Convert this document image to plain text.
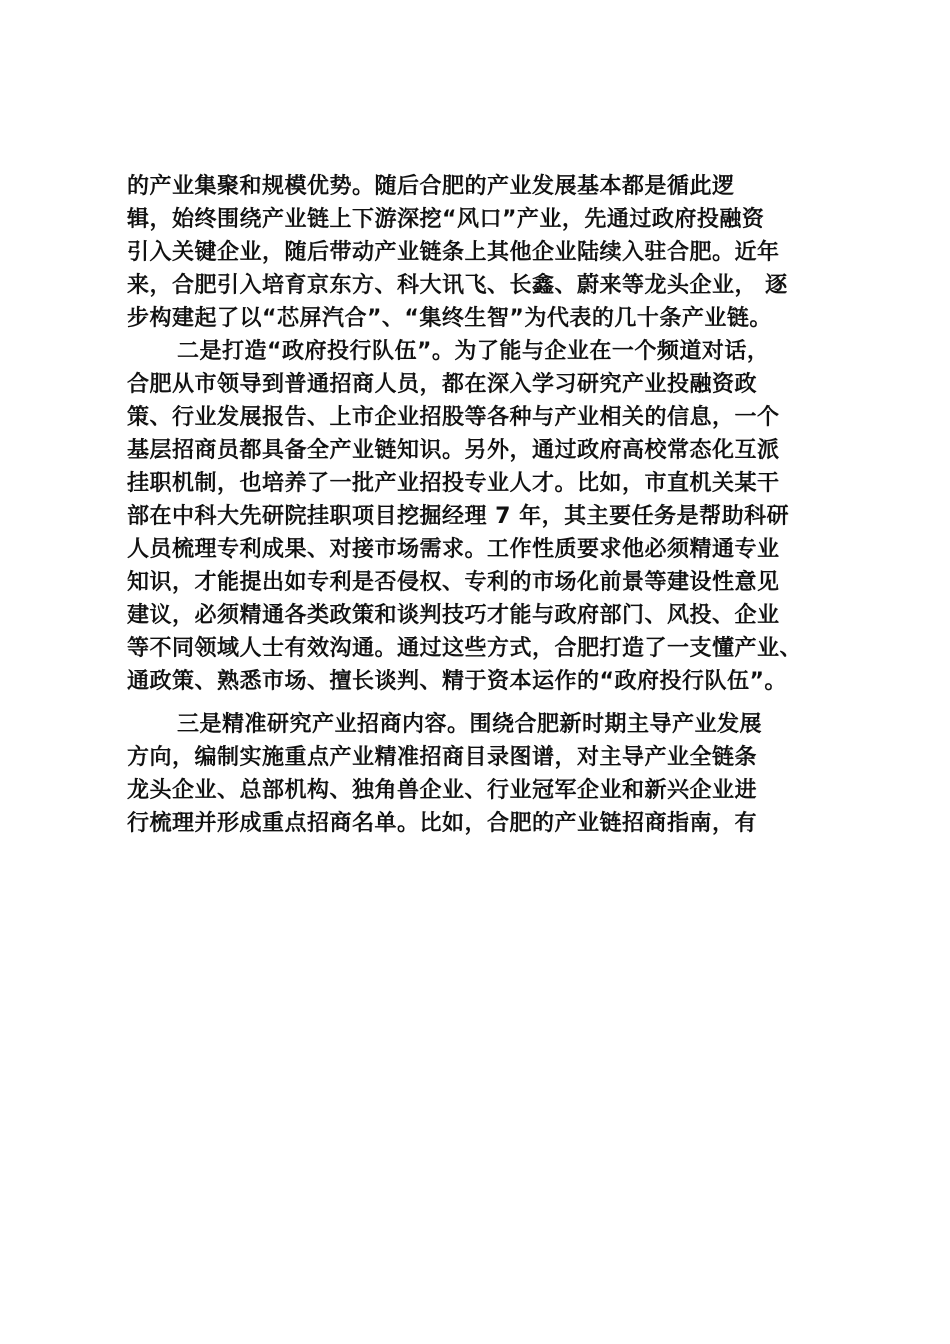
的产业集聚和规模优势。随后合肥的产业发展基本都是循此逻
辑，始终围绕产业链上下游深挖“风口”产业，先通过政府投融资
引入关键企业，随后带动产业链条上其他企业陆续入驻合肥。近年
来，合肥引入培育京东方、科大讯飞、长鑫、蔚来等龙头企业， 逐
步构建起了以“芯屏汽合”、“集终生智”为代表的几十条产业链。
二是打造“政府投行队伍”。为了能与企业在一个频道对话，
合肥从市领导到普通招商人员，都在深入学习研究产业投融资政
策、行业发展报告、上市企业招股等各种与产业相关的信息，一个
基层招商员都具备全产业链知识。另外，通过政府高校常态化互派
挂职机制，也培养了一批产业招投专业人才。比如，市直机关某干
部在中科大先研院挂职项目挖掘经理 7 年，其主要任务是帮助科研
人员梳理专利成果、对接市场需求。工作性质要求他必须精通专业
知识，才能提出如专利是否侵权、专利的市场化前景等建设性意见
建议，必须精通各类政策和谈判技巧才能与政府部门、风投、企业
等不同领域人士有效沟通。通过这些方式，合肥打造了一支懂产业、
通政策、熟悉市场、擅长谈判、精于资本运作的“政府投行队伍”。
三是精准研究产业招商内容。围绕合肥新时期主导产业发展
方向，编制实施重点产业精准招商目录图谱，对主导产业全链条
龙头企业、总部机构、独角兽企业、行业冠军企业和新兴企业进
行梳理并形成重点招商名单。比如，合肥的产业链招商指南，有
